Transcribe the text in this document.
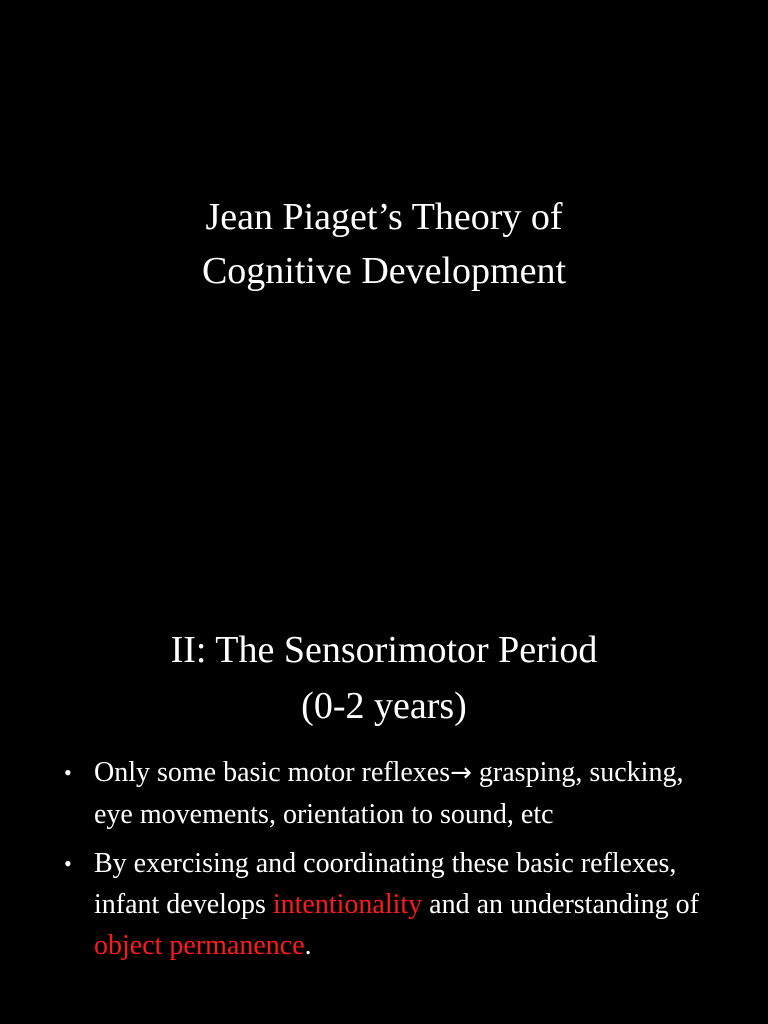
Jean Piaget’s Theory of
Cognitive Development
II: The Sensorimotor Period
(0-2 years)
• Only some basic motor reflexes→ grasping, sucking, eye movements, orientation to sound, etc
• By exercising and coordinating these basic reflexes, infant develops intentionality and an understanding of object permanence.
